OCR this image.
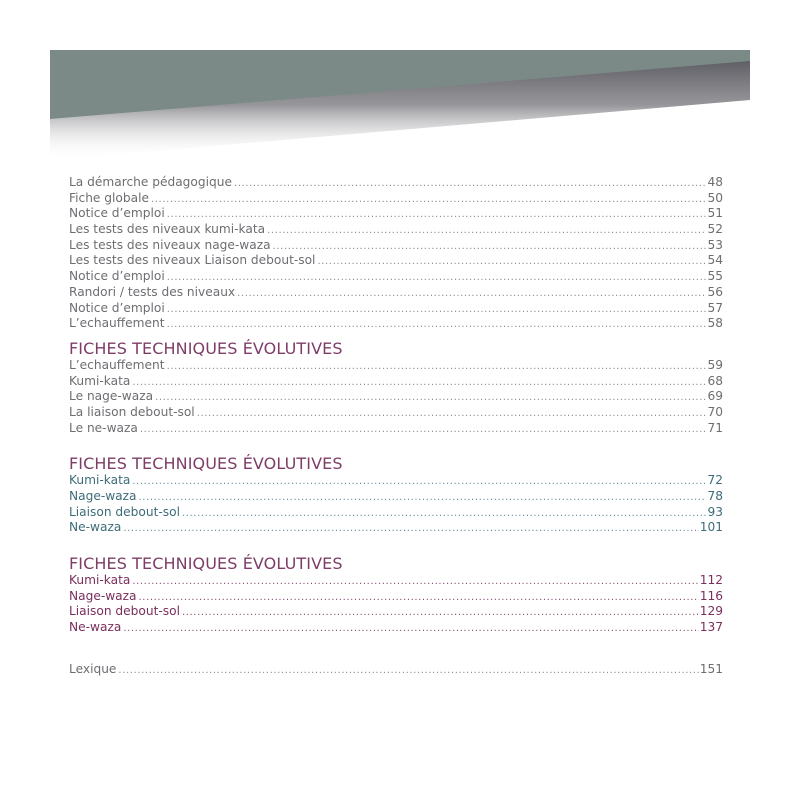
La démarche pédagogique .....	48
Fiche globale .....	50
Notice d’emploi .....	51
Les tests des niveaux kumi-kata .....	52
Les tests des niveaux nage-waza .....	53
Les tests des niveaux Liaison debout-sol .....	54
Notice d’emploi .....	55
Randori / tests des niveaux .....	56
Notice d’emploi .....	57
L’echauffement .....	58
FICHES TECHNIQUES ÉVOLUTIVES
L’echauffement .....	59
Kumi-kata .....	68
Le nage-waza .....	69
La liaison debout-sol .....	70
Le ne-waza .....	71
FICHES TECHNIQUES ÉVOLUTIVES
Kumi-kata .....	72
Nage-waza .....	78
Liaison debout-sol .....	93
Ne-waza .....	101
FICHES TECHNIQUES ÉVOLUTIVES
Kumi-kata .....	112
Nage-waza .....	116
Liaison debout-sol .....	129
Ne-waza .....	137
Lexique .....	151
